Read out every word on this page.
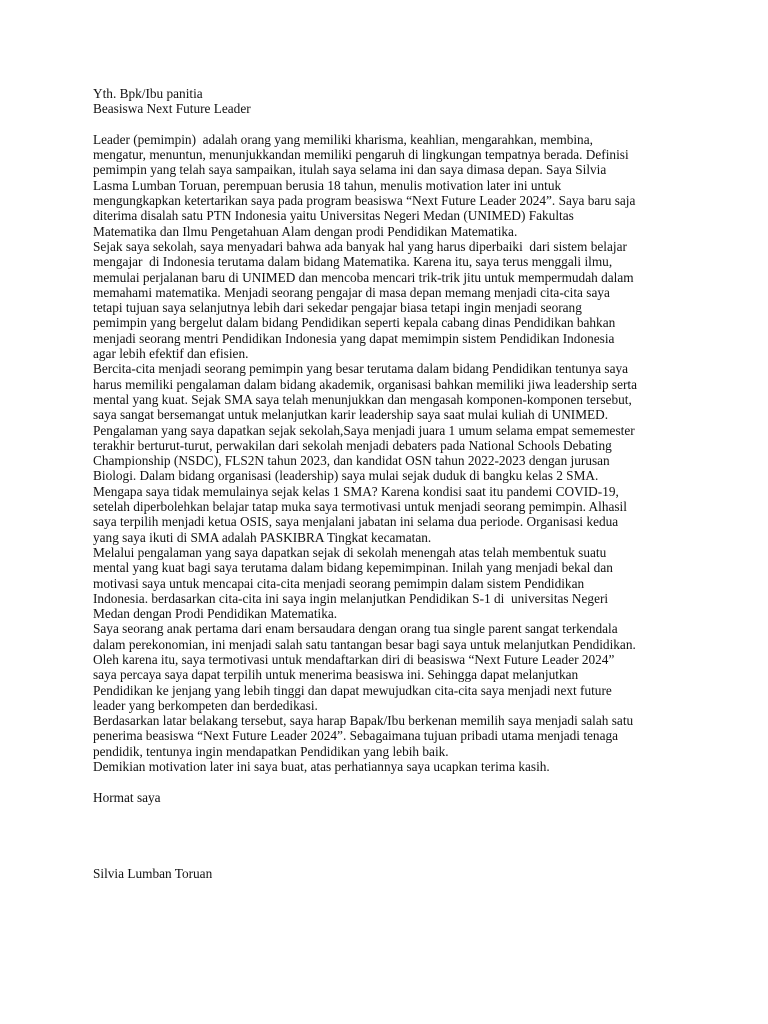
Yth. Bpk/Ibu panitia
Beasiswa Next Future Leader
Leader (pemimpin)  adalah orang yang memiliki kharisma, keahlian, mengarahkan, membina,
mengatur, menuntun, menunjukkandan memiliki pengaruh di lingkungan tempatnya berada. Definisi
pemimpin yang telah saya sampaikan, itulah saya selama ini dan saya dimasa depan. Saya Silvia
Lasma Lumban Toruan, perempuan berusia 18 tahun, menulis motivation later ini untuk
mengungkapkan ketertarikan saya pada program beasiswa “Next Future Leader 2024”. Saya baru saja
diterima disalah satu PTN Indonesia yaitu Universitas Negeri Medan (UNIMED) Fakultas
Matematika dan Ilmu Pengetahuan Alam dengan prodi Pendidikan Matematika.
Sejak saya sekolah, saya menyadari bahwa ada banyak hal yang harus diperbaiki  dari sistem belajar
mengajar  di Indonesia terutama dalam bidang Matematika. Karena itu, saya terus menggali ilmu,
memulai perjalanan baru di UNIMED dan mencoba mencari trik-trik jitu untuk mempermudah dalam
memahami matematika. Menjadi seorang pengajar di masa depan memang menjadi cita-cita saya
tetapi tujuan saya selanjutnya lebih dari sekedar pengajar biasa tetapi ingin menjadi seorang
pemimpin yang bergelut dalam bidang Pendidikan seperti kepala cabang dinas Pendidikan bahkan
menjadi seorang mentri Pendidikan Indonesia yang dapat memimpin sistem Pendidikan Indonesia
agar lebih efektif dan efisien.
Bercita-cita menjadi seorang pemimpin yang besar terutama dalam bidang Pendidikan tentunya saya
harus memiliki pengalaman dalam bidang akademik, organisasi bahkan memiliki jiwa leadership serta
mental yang kuat. Sejak SMA saya telah menunjukkan dan mengasah komponen-komponen tersebut,
saya sangat bersemangat untuk melanjutkan karir leadership saya saat mulai kuliah di UNIMED.
Pengalaman yang saya dapatkan sejak sekolah,Saya menjadi juara 1 umum selama empat sememester
terakhir berturut-turut, perwakilan dari sekolah menjadi debaters pada National Schools Debating
Championship (NSDC), FLS2N tahun 2023, dan kandidat OSN tahun 2022-2023 dengan jurusan
Biologi. Dalam bidang organisasi (leadership) saya mulai sejak duduk di bangku kelas 2 SMA.
Mengapa saya tidak memulainya sejak kelas 1 SMA? Karena kondisi saat itu pandemi COVID-19,
setelah diperbolehkan belajar tatap muka saya termotivasi untuk menjadi seorang pemimpin. Alhasil
saya terpilih menjadi ketua OSIS, saya menjalani jabatan ini selama dua periode. Organisasi kedua
yang saya ikuti di SMA adalah PASKIBRA Tingkat kecamatan.
Melalui pengalaman yang saya dapatkan sejak di sekolah menengah atas telah membentuk suatu
mental yang kuat bagi saya terutama dalam bidang kepemimpinan. Inilah yang menjadi bekal dan
motivasi saya untuk mencapai cita-cita menjadi seorang pemimpin dalam sistem Pendidikan
Indonesia. berdasarkan cita-cita ini saya ingin melanjutkan Pendidikan S-1 di  universitas Negeri
Medan dengan Prodi Pendidikan Matematika.
Saya seorang anak pertama dari enam bersaudara dengan orang tua single parent sangat terkendala
dalam perekonomian, ini menjadi salah satu tantangan besar bagi saya untuk melanjutkan Pendidikan.
Oleh karena itu, saya termotivasi untuk mendaftarkan diri di beasiswa “Next Future Leader 2024”
saya percaya saya dapat terpilih untuk menerima beasiswa ini. Sehingga dapat melanjutkan
Pendidikan ke jenjang yang lebih tinggi dan dapat mewujudkan cita-cita saya menjadi next future
leader yang berkompeten dan berdedikasi.
Berdasarkan latar belakang tersebut, saya harap Bapak/Ibu berkenan memilih saya menjadi salah satu
penerima beasiswa “Next Future Leader 2024”. Sebagaimana tujuan pribadi utama menjadi tenaga
pendidik, tentunya ingin mendapatkan Pendidikan yang lebih baik.
Demikian motivation later ini saya buat, atas perhatiannya saya ucapkan terima kasih.
Hormat saya
Silvia Lumban Toruan
